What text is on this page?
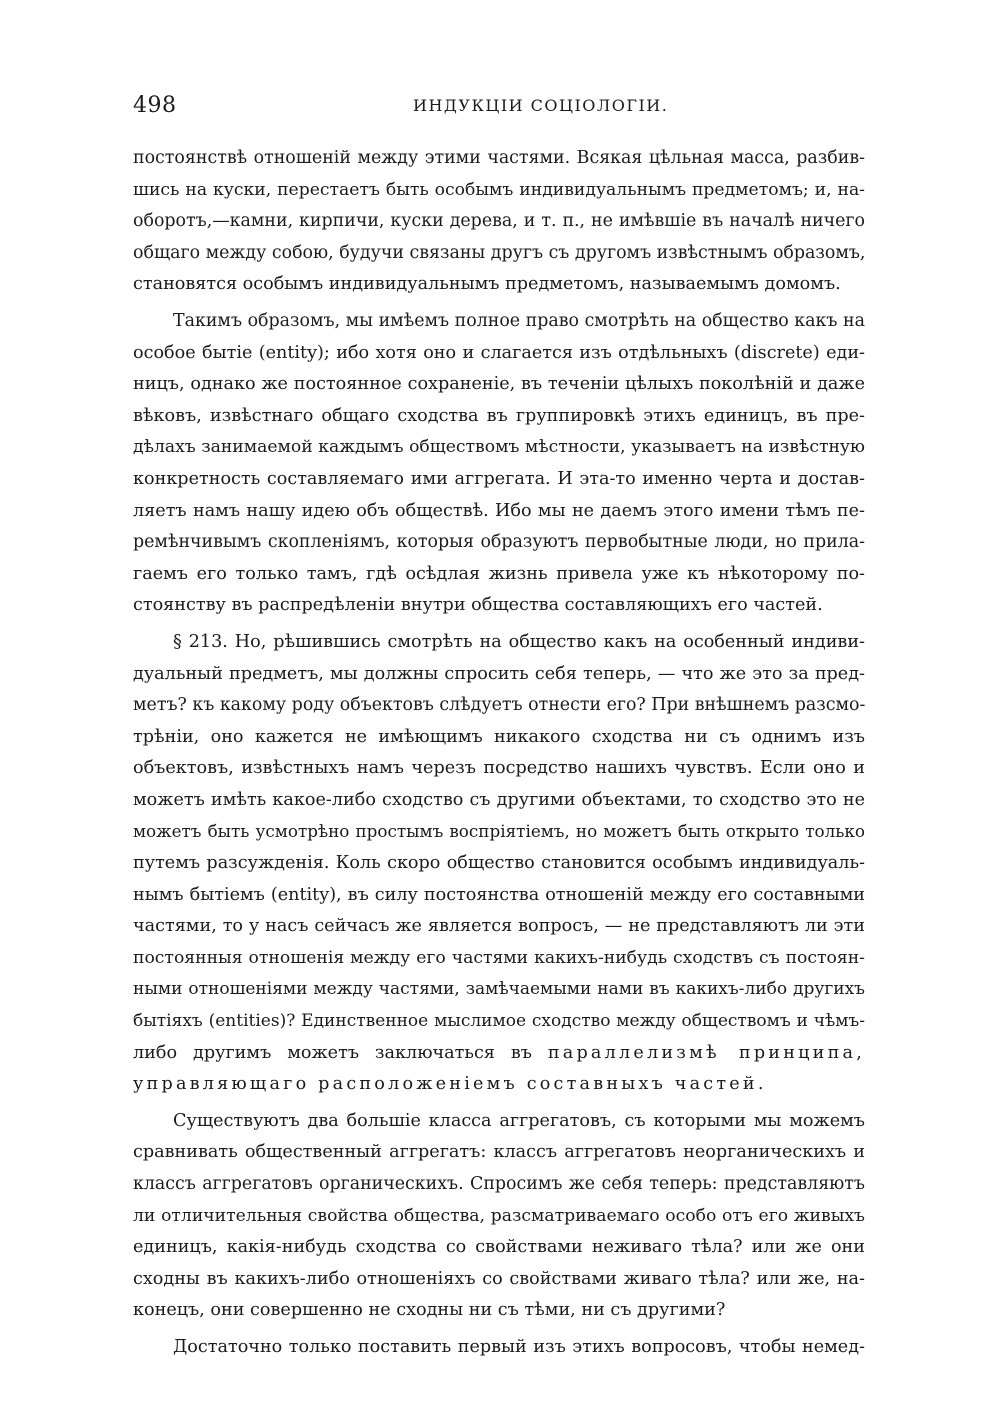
498	ИНДУКЦІИ СОЦІОЛОГІИ.
постоянствѣ отношеній между этими частями. Всякая цѣльная масса, разбив-
шись на куски, перестаетъ быть особымъ индивидуальнымъ предметомъ; и, на-
оборотъ,—камни, кирпичи, куски дерева, и т. п., не имѣвшіе въ началѣ ничего
общаго между собою, будучи связаны другъ съ другомъ извѣстнымъ образомъ,
становятся особымъ индивидуальнымъ предметомъ, называемымъ домомъ.
Такимъ образомъ, мы имѣемъ полное право смотрѣть на общество какъ на
особое бытіе (entity); ибо хотя оно и слагается изъ отдѣльныхъ (discrete) еди-
ницъ, однако же постоянное сохраненіе, въ теченіи цѣлыхъ поколѣній и даже
вѣковъ, извѣстнаго общаго сходства въ группировкѣ этихъ единицъ, въ пре-
дѣлахъ занимаемой каждымъ обществомъ мѣстности, указываетъ на извѣстную
конкретность составляемаго ими аггрегата. И эта-то именно черта и достав-
ляетъ намъ нашу идею объ обществѣ. Ибо мы не даемъ этого имени тѣмъ пе-
ремѣнчивымъ скопленіямъ, которыя образуютъ первобытные люди, но прила-
гаемъ его только тамъ, гдѣ осѣдлая жизнь привела уже къ нѣкоторому по-
стоянству въ распредѣленіи внутри общества составляющихъ его частей.
§ 213. Но, рѣшившись смотрѣть на общество какъ на особенный индиви-
дуальный предметъ, мы должны спросить себя теперь, — что же это за пред-
метъ? къ какому роду объектовъ слѣдуетъ отнести его? При внѣшнемъ разсмо-
трѣніи, оно кажется не имѣющимъ никакого сходства ни съ однимъ изъ
объектовъ, извѣстныхъ намъ черезъ посредство нашихъ чувствъ. Если оно и
можетъ имѣть какое-либо сходство съ другими объектами, то сходство это не
можетъ быть усмотрѣно простымъ воспріятіемъ, но можетъ быть открыто только
путемъ разсужденія. Коль скоро общество становится особымъ индивидуаль-
нымъ бытіемъ (entity), въ силу постоянства отношеній между его составными
частями, то у насъ сейчасъ же является вопросъ, — не представляютъ ли эти
постоянныя отношенія между его частями какихъ-нибудь сходствъ съ постоян-
ными отношеніями между частями, замѣчаемыми нами въ какихъ-либо другихъ
бытіяхъ (entities)? Единственное мыслимое сходство между обществомъ и чѣмъ-
либо другимъ можетъ заключаться въ параллелизмѣ принципа,
управляющаго расположеніемъ составныхъ частей.
Существуютъ два большіе класса аггрегатовъ, съ которыми мы можемъ
сравнивать общественный аггрегатъ: классъ аггрегатовъ неорганическихъ и
классъ аггрегатовъ органическихъ. Спросимъ же себя теперь: представляютъ
ли отличительныя свойства общества, разсматриваемаго особо отъ его живыхъ
единицъ, какія-нибудь сходства со свойствами неживаго тѣла? или же они
сходны въ какихъ-либо отношеніяхъ со свойствами живаго тѣла? или же, на-
конецъ, они совершенно не сходны ни съ тѣми, ни съ другими?
Достаточно только поставить первый изъ этихъ вопросовъ, чтобы немед-
